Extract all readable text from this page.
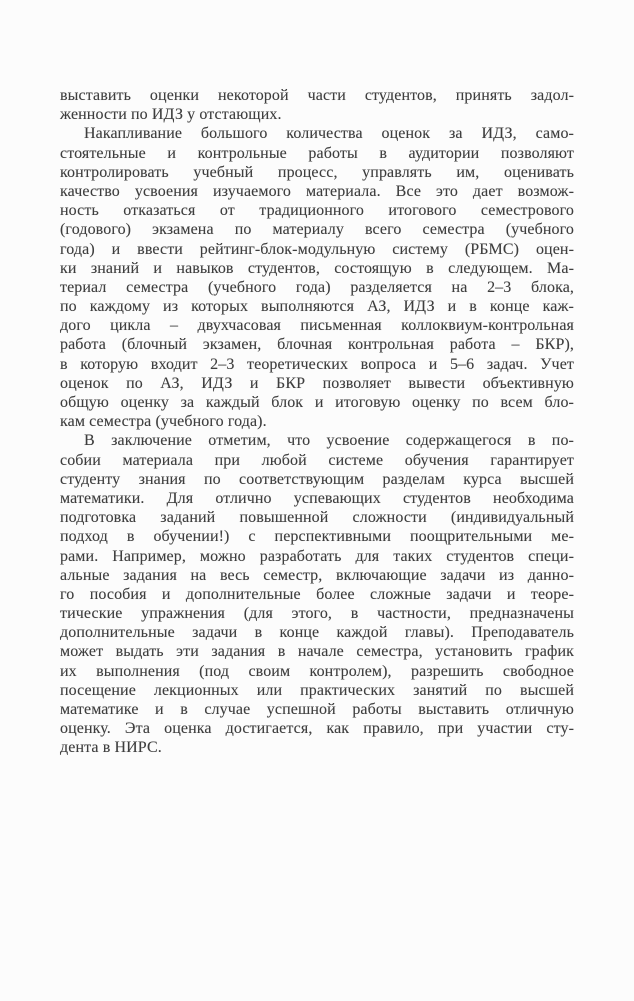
выставить оценки некоторой части студентов, принять задол-
женности по ИДЗ у отстающих.
Накапливание большого количества оценок за ИДЗ, само-
стоятельные и контрольные работы в аудитории позволяют
контролировать учебный процесс, управлять им, оценивать
качество усвоения изучаемого материала. Все это дает возмож-
ность отказаться от традиционного итогового семестрового
(годового) экзамена по материалу всего семестра (учебного
года) и ввести рейтинг-блок-модульную систему (РБМС) оцен-
ки знаний и навыков студентов, состоящую в следующем. Ма-
териал семестра (учебного года) разделяется на 2–3 блока,
по каждому из которых выполняются АЗ, ИДЗ и в конце каж-
дого цикла – двухчасовая письменная коллоквиум-контрольная
работа (блочный экзамен, блочная контрольная работа – БКР),
в которую входит 2–3 теоретических вопроса и 5–6 задач. Учет
оценок по АЗ, ИДЗ и БКР позволяет вывести объективную
общую оценку за каждый блок и итоговую оценку по всем бло-
кам семестра (учебного года).
В заключение отметим, что усвоение содержащегося в по-
собии материала при любой системе обучения гарантирует
студенту знания по соответствующим разделам курса высшей
математики. Для отлично успевающих студентов необходима
подготовка заданий повышенной сложности (индивидуальный
подход в обучении!) с перспективными поощрительными ме-
рами. Например, можно разработать для таких студентов специ-
альные задания на весь семестр, включающие задачи из данно-
го пособия и дополнительные более сложные задачи и теоре-
тические упражнения (для этого, в частности, предназначены
дополнительные задачи в конце каждой главы). Преподаватель
может выдать эти задания в начале семестра, установить график
их выполнения (под своим контролем), разрешить свободное
посещение лекционных или практических занятий по высшей
математике и в случае успешной работы выставить отличную
оценку. Эта оценка достигается, как правило, при участии сту-
дента в НИРС.
